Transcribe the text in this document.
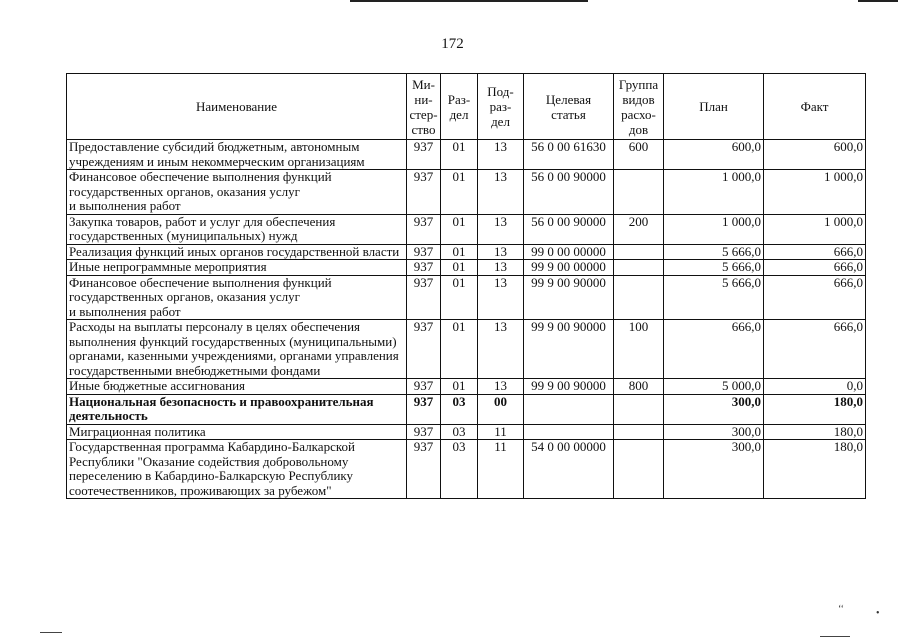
172
Наименование	Ми-
ни-
стер-
ство	Раз-
дел	Под-
раз-
дел	Целевая
статья	Группа
видов
расхо-
дов	План	Факт
Предоставление субсидий бюджетным, автономным учреждениям и иным некоммерческим организациям	937	01	13	56 0 00 61630	600	600,0	600,0
Финансовое обеспечение выполнения функций государственных органов, оказания услуг
и выполнения работ	937	01	13	56 0 00 90000		1 000,0	1 000,0
Закупка товаров, работ и услуг для обеспечения государственных (муниципальных) нужд	937	01	13	56 0 00 90000	200	1 000,0	1 000,0
Реализация функций иных органов государственной власти	937	01	13	99 0 00 00000		5 666,0	666,0
Иные непрограммные мероприятия	937	01	13	99 9 00 00000		5 666,0	666,0
Финансовое обеспечение выполнения функций государственных органов, оказания услуг
и выполнения работ	937	01	13	99 9 00 90000		5 666,0	666,0
Расходы на выплаты персоналу в целях обеспечения выполнения функций государственных (муниципальными) органами, казенными учреждениями, органами управления государственными внебюджетными фондами	937	01	13	99 9 00 90000	100	666,0	666,0
Иные бюджетные ассигнования	937	01	13	99 9 00 90000	800	5 000,0	0,0
Национальная безопасность и правоохранительная деятельность	937	03	00			300,0	180,0
Миграционная политика	937	03	11			300,0	180,0
Государственная программа Кабардино-Балкарской Республики "Оказание содействия добровольному переселению в Кабардино-Балкарскую Республику соотечественников, проживающих за рубежом"	937	03	11	54 0 00 00000		300,0	180,0
‘‘	•
